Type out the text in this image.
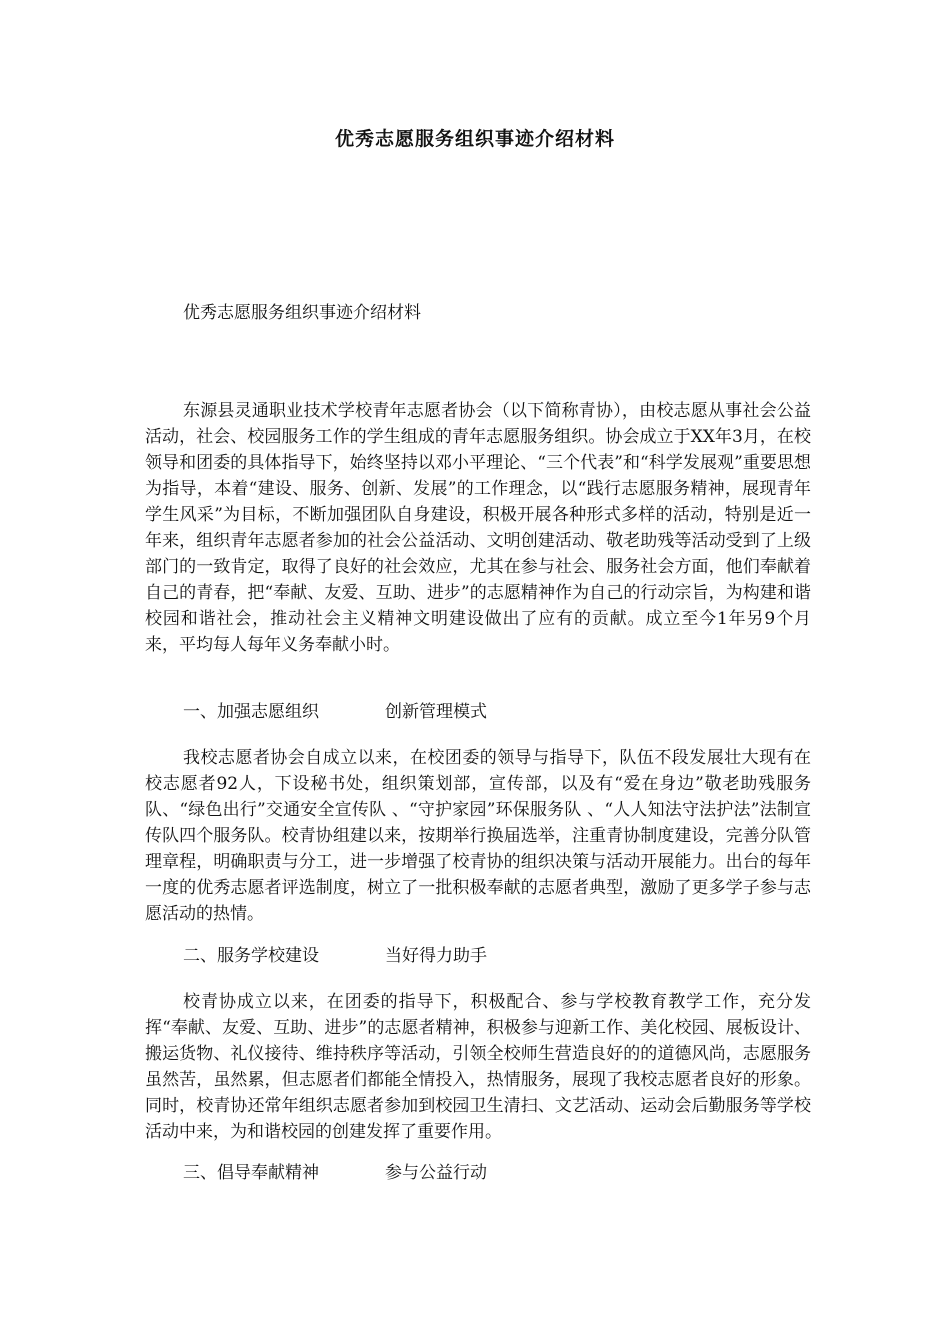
优秀志愿服务组织事迹介绍材料

优秀志愿服务组织事迹介绍材料

东源县灵通职业技术学校青年志愿者协会（以下简称青协），由校志愿从事社会公益活动，社会、校园服务工作的学生组成的青年志愿服务组织。协会成立于XX年3月，在校领导和团委的具体指导下，始终坚持以邓小平理论、“三个代表”和“科学发展观”重要思想为指导，本着“建设、服务、创新、发展”的工作理念，以“践行志愿服务精神，展现青年学生风采”为目标，不断加强团队自身建设，积极开展各种形式多样的活动，特别是近一年来，组织青年志愿者参加的社会公益活动、文明创建活动、敬老助残等活动受到了上级部门的一致肯定，取得了良好的社会效应，尤其在参与社会、服务社会方面，他们奉献着自己的青春，把“奉献、友爱、互助、进步”的志愿精神作为自己的行动宗旨，为构建和谐校园和谐社会，推动社会主义精神文明建设做出了应有的贡献。成立至今1年另9个月来，平均每人每年义务奉献小时。

一、加强志愿组织	创新管理模式

我校志愿者协会自成立以来，在校团委的领导与指导下，队伍不段发展壮大现有在校志愿者92人，下设秘书处，组织策划部，宣传部，以及有“爱在身边”敬老助残服务队、“绿色出行”交通安全宣传队 、“守护家园”环保服务队 、“人人知法守法护法”法制宣传队四个服务队。校青协组建以来，按期举行换届选举，注重青协制度建设，完善分队管理章程，明确职责与分工，进一步增强了校青协的组织决策与活动开展能力。出台的每年一度的优秀志愿者评选制度，树立了一批积极奉献的志愿者典型，激励了更多学子参与志愿活动的热情。

二、服务学校建设	当好得力助手

校青协成立以来，在团委的指导下，积极配合、参与学校教育教学工作，充分发挥“奉献、友爱、互助、进步”的志愿者精神，积极参与迎新工作、美化校园、展板设计、搬运货物、礼仪接待、维持秩序等活动，引领全校师生营造良好的的道德风尚，志愿服务虽然苦，虽然累，但志愿者们都能全情投入，热情服务，展现了我校志愿者良好的形象。同时，校青协还常年组织志愿者参加到校园卫生清扫、文艺活动、运动会后勤服务等学校活动中来，为和谐校园的创建发挥了重要作用。

三、倡导奉献精神	参与公益行动
